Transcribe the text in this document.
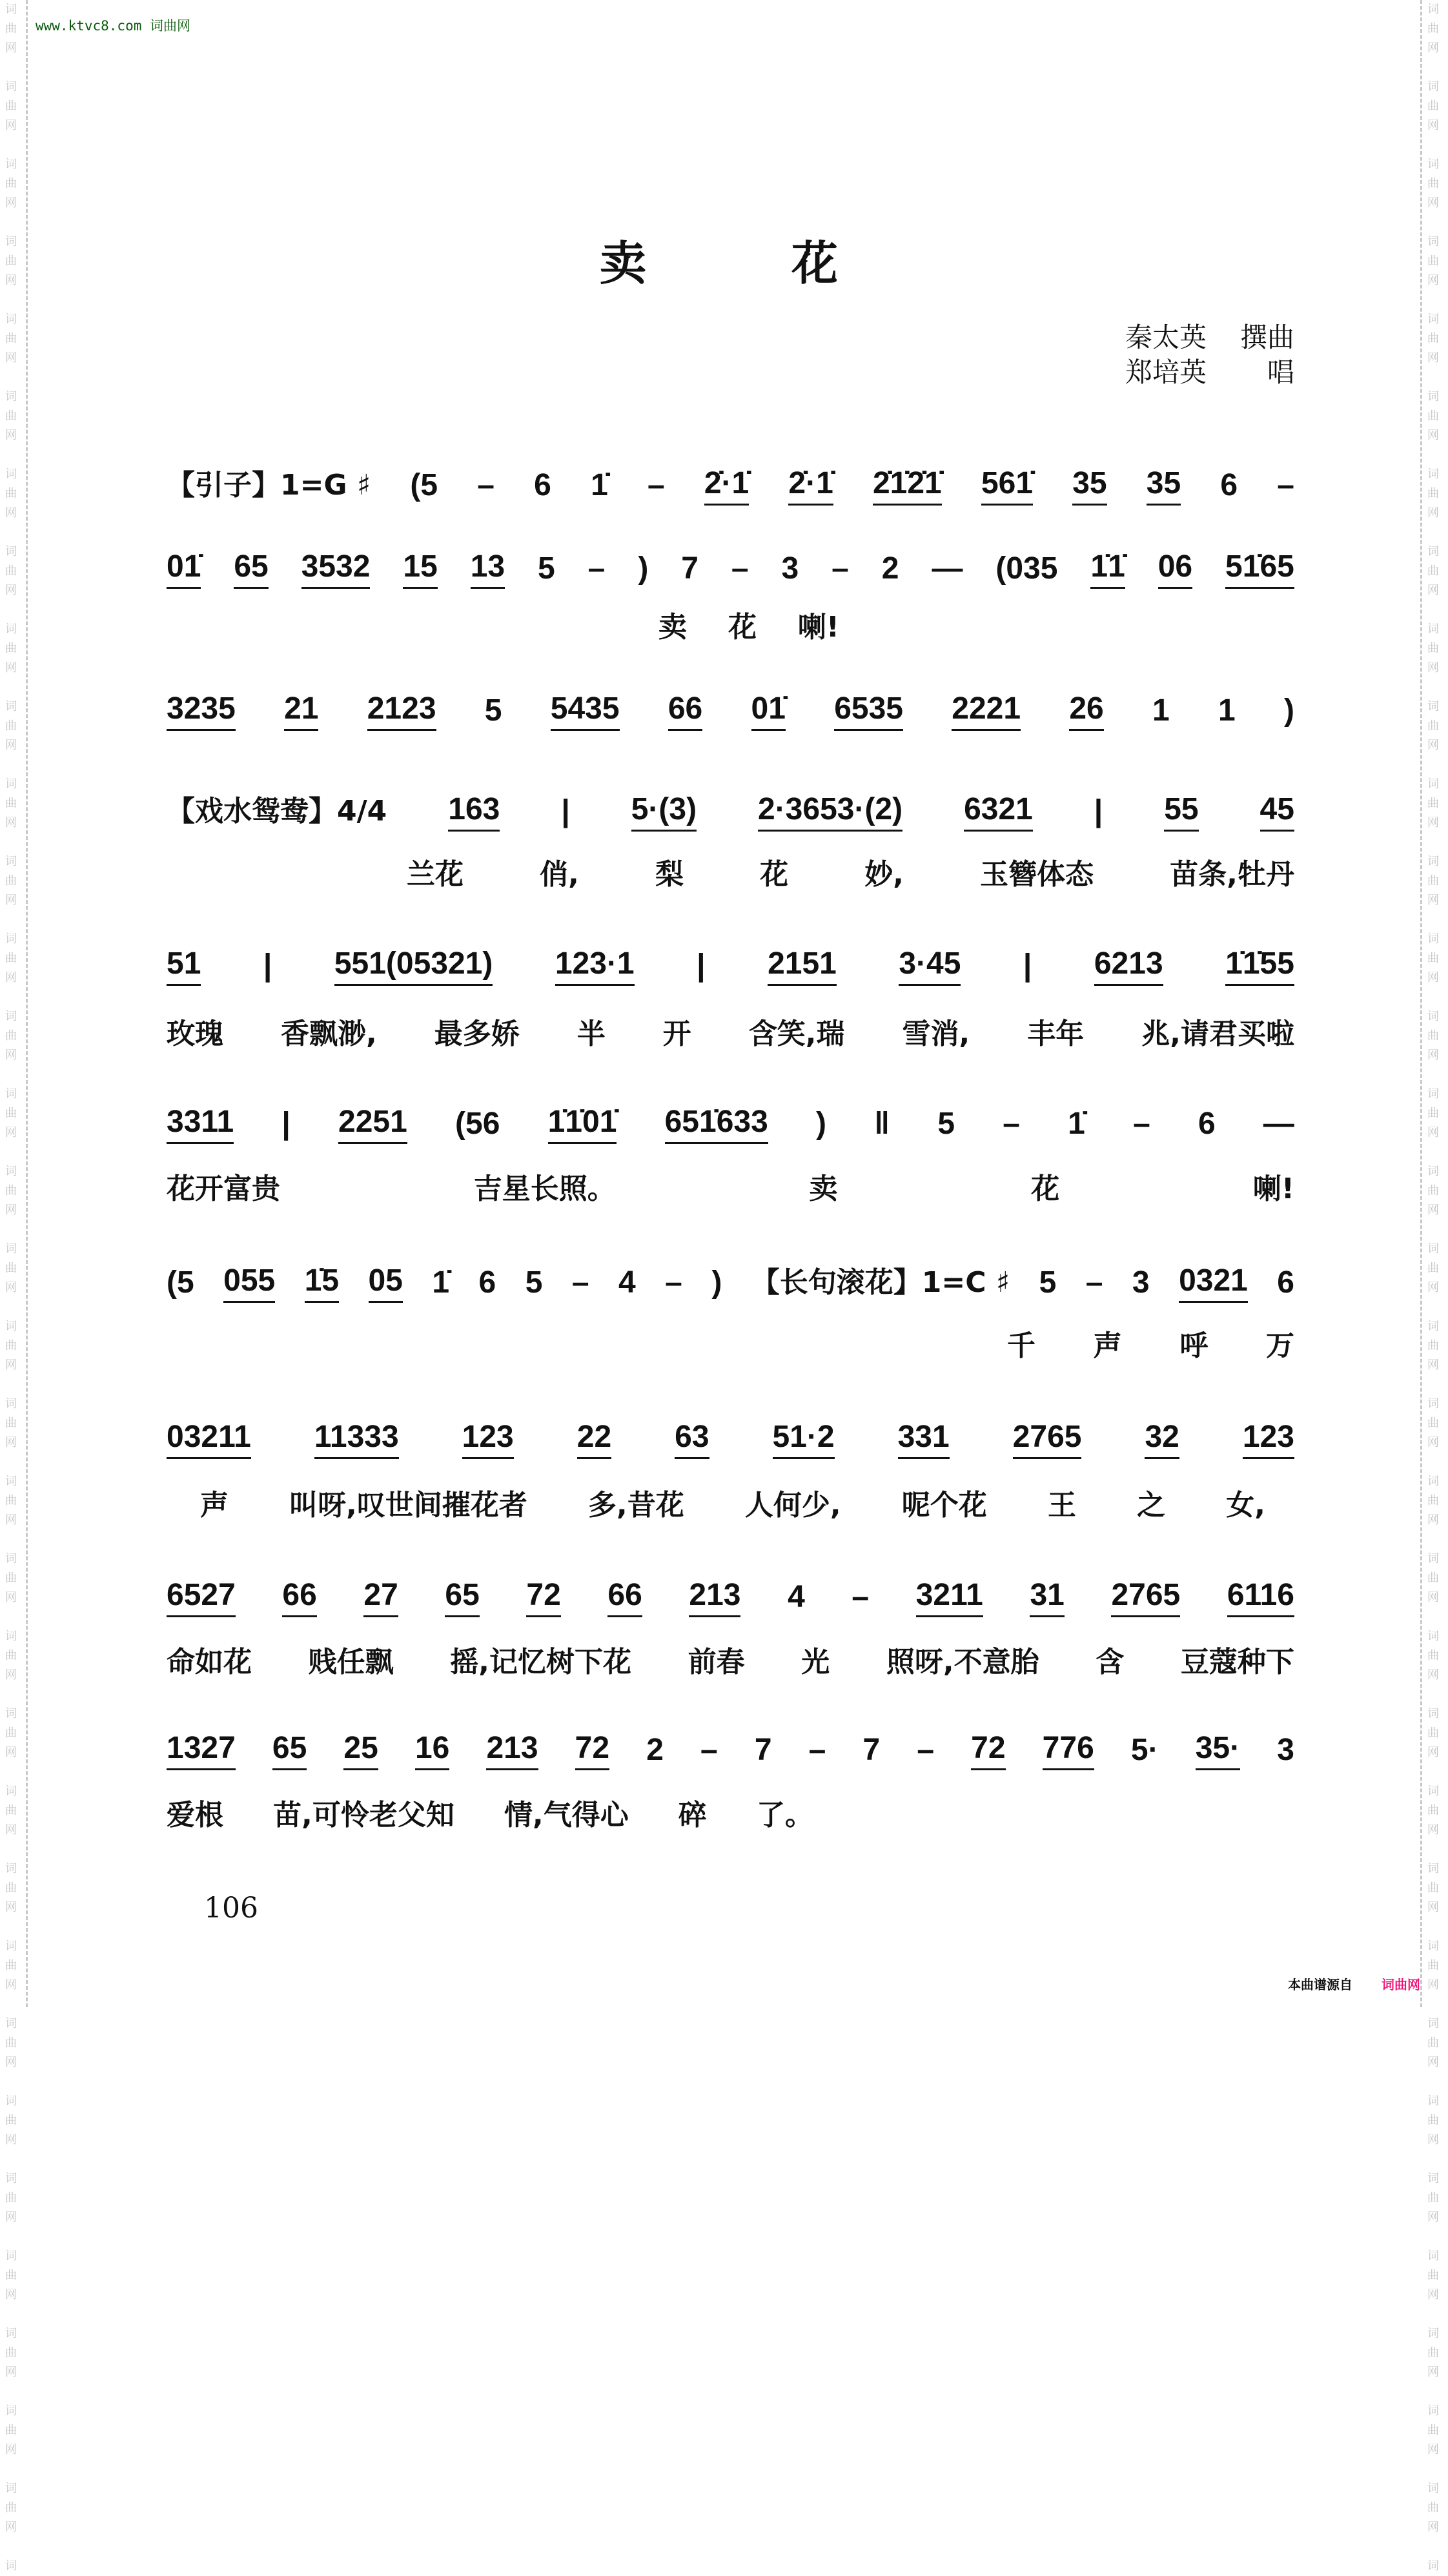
词
曲
网
词
曲
网
词
曲
网
词
曲
网
词
曲
网
词
曲
网
词
曲
网
词
曲
网
词
曲
网
词
曲
网
词
曲
网
词
曲
网
词
曲
网
词
曲
网
词
曲
网
词
曲
网
词
曲
网
词
曲
网
词
曲
网
词
曲
网
词
曲
网
词
曲
网
词
曲
网
词
曲
网
词
曲
网
词
曲
网
词
曲
网
词
曲
网
词
曲
网
词
曲
网
词
曲
网
词
曲
网
词
曲
网
词
词
曲
网
词
曲
网
词
曲
网
词
曲
网
词
曲
网
词
曲
网
词
曲
网
词
曲
网
词
曲
网
词
曲
网
词
曲
网
词
曲
网
词
曲
网
词
曲
网
词
曲
网
词
曲
网
词
曲
网
词
曲
网
词
曲
网
词
曲
网
词
曲
网
词
曲
网
词
曲
网
词
曲
网
词
曲
网
词
曲
网
词
曲
网
词
曲
网
词
曲
网
词
曲
网
词
曲
网
词
曲
网
词
曲
网
词
www.ktvc8.com 词曲网
卖 花
秦太英 撰曲
郑培英	唱
【引子】1=G ♯ (5 – 6 1̇ – 2̇·1̇ 2̇·1̇ 2̇1̇2̇1̇ 561̇ 35 35 6 –
01̇ 65 3532 15 13 5 – ) 7 – 3 – 2 — (035 1̇1̇ 06 51̇65
卖 花 喇!
3235 21 2123 5 5435 66 01̇ 6535 2221 26 1 1 )
【戏水鸳鸯】4/4 163 | 5·(3) 2·3653·(2) 6321 | 55 45
兰花	俏,	梨	花	妙,	玉簪体态	苗条,牡丹
51 | 551(05321) 123·1 | 2151 3·45 | 6213 1̇1̇55
玫瑰 香飘渺, 最多娇 半 开 含笑,瑞 雪消, 丰年 兆,请君买啦
3311 | 2251 (56 1̇1̇01̇ 651̇633 ) ‖ 5 – 1̇ – 6 —
花开富贵	吉星长照。	卖	花	喇!
(5 055 1̇5 05 1̇ 6 5 – 4 – ) 【长句滚花】1=C ♯ 5 – 3 0321 6
千 声 呼 万
03211 11333 123 22 63 51·2 331 2765 32 123
声 叫呀,叹世间摧花者 多,昔花 人何少, 呢个花 王 之 女,
6527 66 27 65 72 66 213 4 – 3211 31 2765 6116
命如花 贱任飘 摇,记忆树下花 前春 光 照呀,不意胎 含 豆蔻种下
1327 65 25 16 213 72 2 – 7 – 7 – 72 776 5· 35· 3
爱根 苗,可怜老父知 情,气得心 碎 了。
106
本曲谱源自 词曲网
